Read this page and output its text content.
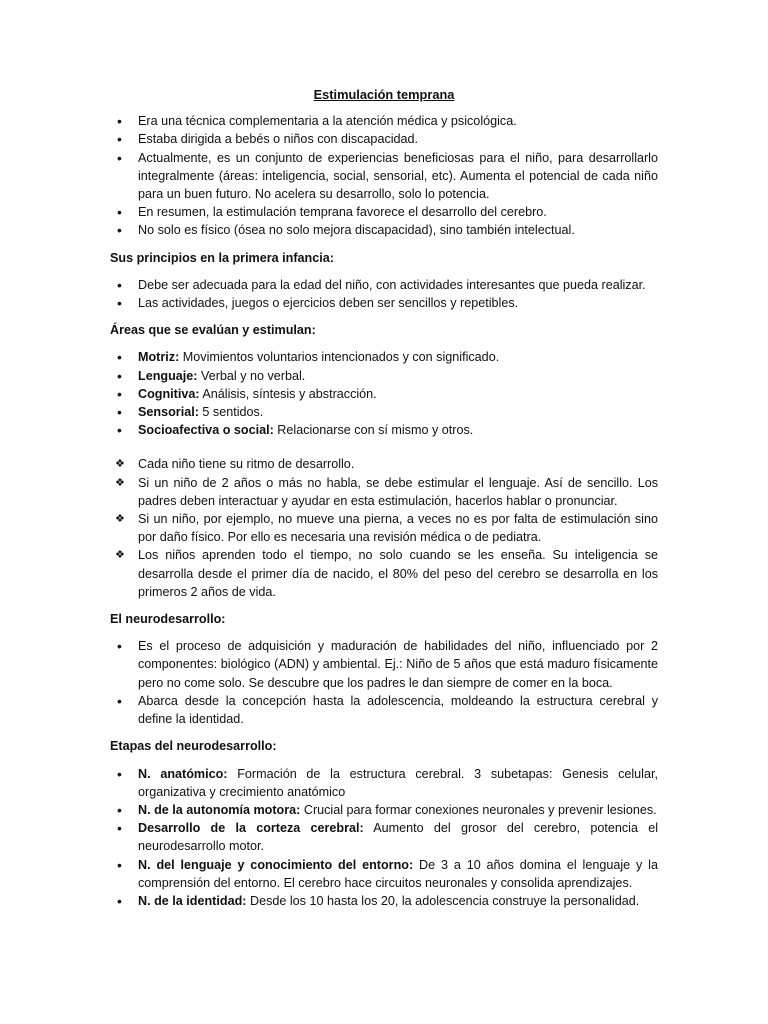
Estimulación temprana
• Era una técnica complementaria a la atención médica y psicológica.
• Estaba dirigida a bebés o niños con discapacidad.
• Actualmente, es un conjunto de experiencias beneficiosas para el niño, para desarrollarlo integralmente (áreas: inteligencia, social, sensorial, etc). Aumenta el potencial de cada niño para un buen futuro. No acelera su desarrollo, solo lo potencia.
• En resumen, la estimulación temprana favorece el desarrollo del cerebro.
• No solo es físico (ósea no solo mejora discapacidad), sino también intelectual.
Sus principios en la primera infancia:
• Debe ser adecuada para la edad del niño, con actividades interesantes que pueda realizar.
• Las actividades, juegos o ejercicios deben ser sencillos y repetibles.
Áreas que se evalúan y estimulan:
• Motriz: Movimientos voluntarios intencionados y con significado.
• Lenguaje: Verbal y no verbal.
• Cognitiva: Análisis, síntesis y abstracción.
• Sensorial: 5 sentidos.
• Socioafectiva o social: Relacionarse con sí mismo y otros.
❖ Cada niño tiene su ritmo de desarrollo.
❖ Si un niño de 2 años o más no habla, se debe estimular el lenguaje. Así de sencillo. Los padres deben interactuar y ayudar en esta estimulación, hacerlos hablar o pronunciar.
❖ Si un niño, por ejemplo, no mueve una pierna, a veces no es por falta de estimulación sino por daño físico. Por ello es necesaria una revisión médica o de pediatra.
❖ Los niños aprenden todo el tiempo, no solo cuando se les enseña. Su inteligencia se desarrolla desde el primer día de nacido, el 80% del peso del cerebro se desarrolla en los primeros 2 años de vida.
El neurodesarrollo:
• Es el proceso de adquisición y maduración de habilidades del niño, influenciado por 2 componentes: biológico (ADN) y ambiental. Ej.: Niño de 5 años que está maduro físicamente pero no come solo. Se descubre que los padres le dan siempre de comer en la boca.
• Abarca desde la concepción hasta la adolescencia, moldeando la estructura cerebral y define la identidad.
Etapas del neurodesarrollo:
• N. anatómico: Formación de la estructura cerebral. 3 subetapas: Genesis celular, organizativa y crecimiento anatómico
• N. de la autonomía motora: Crucial para formar conexiones neuronales y prevenir lesiones.
• Desarrollo de la corteza cerebral: Aumento del grosor del cerebro, potencia el neurodesarrollo motor.
• N. del lenguaje y conocimiento del entorno: De 3 a 10 años domina el lenguaje y la comprensión del entorno. El cerebro hace circuitos neuronales y consolida aprendizajes.
• N. de la identidad: Desde los 10 hasta los 20, la adolescencia construye la personalidad.
